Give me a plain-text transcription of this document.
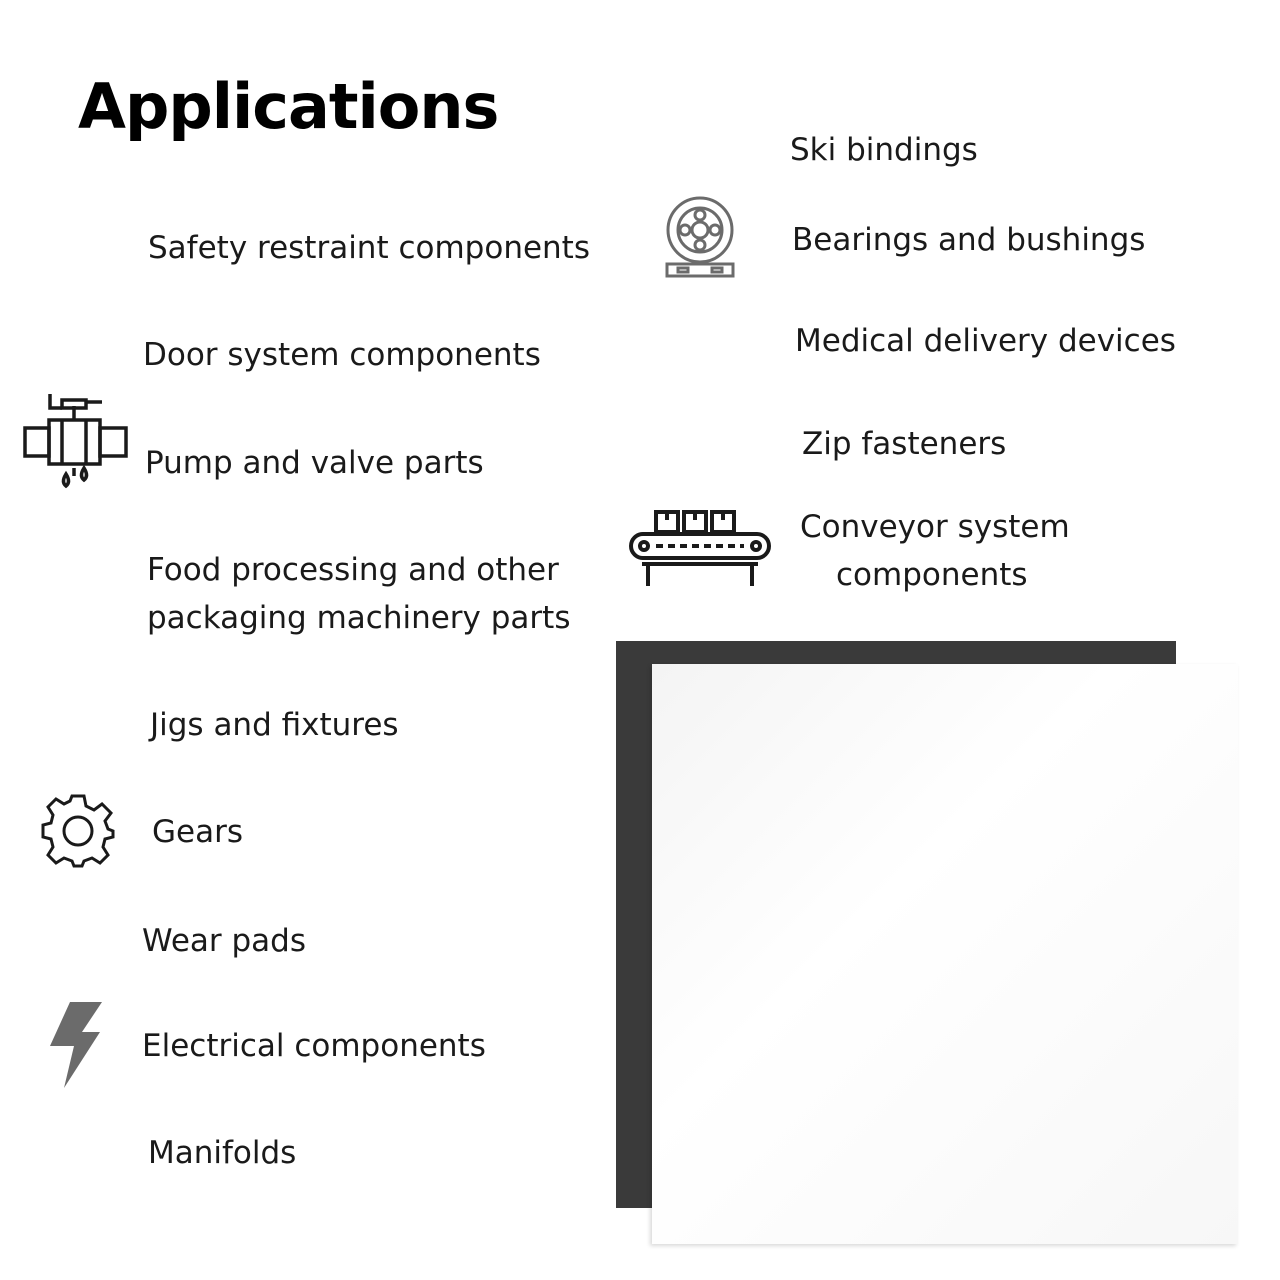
Applications
Safety restraint components
Door system components
Pump and valve parts
Food processing and other
packaging machinery parts
Jigs and fixtures
Gears
Wear pads
Electrical components
Manifolds
Ski bindings
Bearings and bushings
Medical delivery devices
Zip fasteners
Conveyor system
components
